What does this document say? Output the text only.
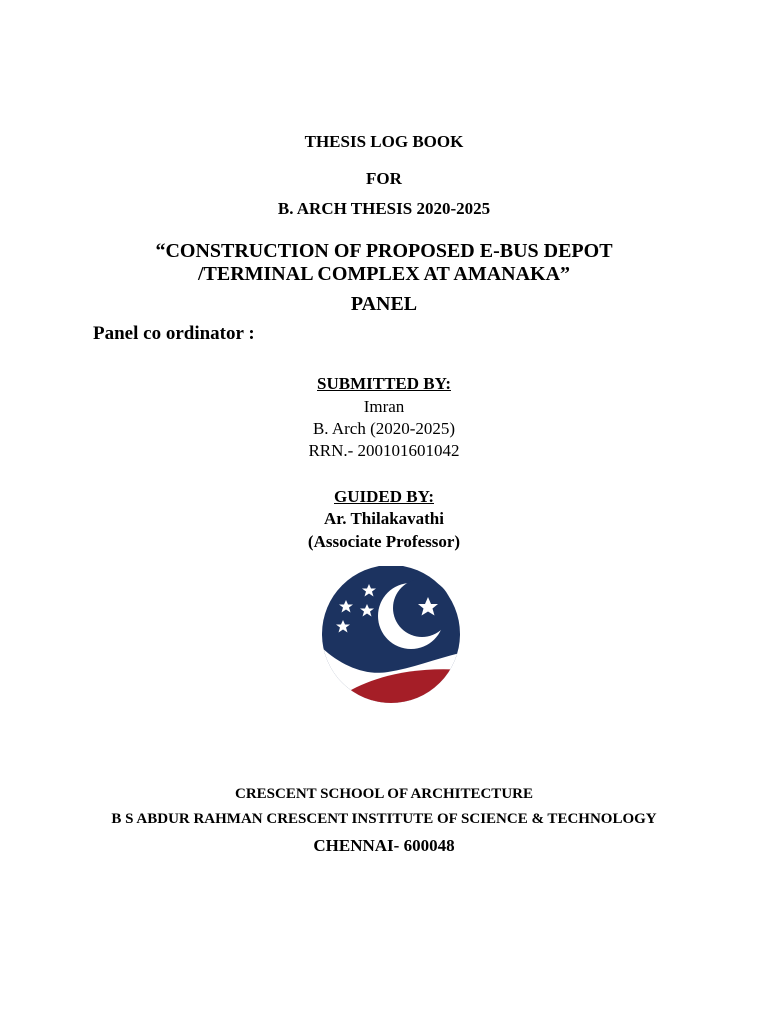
THESIS LOG BOOK
FOR
B. ARCH THESIS 2020-2025
“CONSTRUCTION OF PROPOSED E-BUS DEPOT
/TERMINAL COMPLEX AT AMANAKA”
PANEL
Panel co ordinator :
SUBMITTED BY:
Imran
B. Arch (2020-2025)
RRN.- 200101601042
GUIDED BY:
Ar. Thilakavathi
(Associate Professor)
CRESCENT SCHOOL OF ARCHITECTURE
B S ABDUR RAHMAN CRESCENT INSTITUTE OF SCIENCE & TECHNOLOGY
CHENNAI- 600048
